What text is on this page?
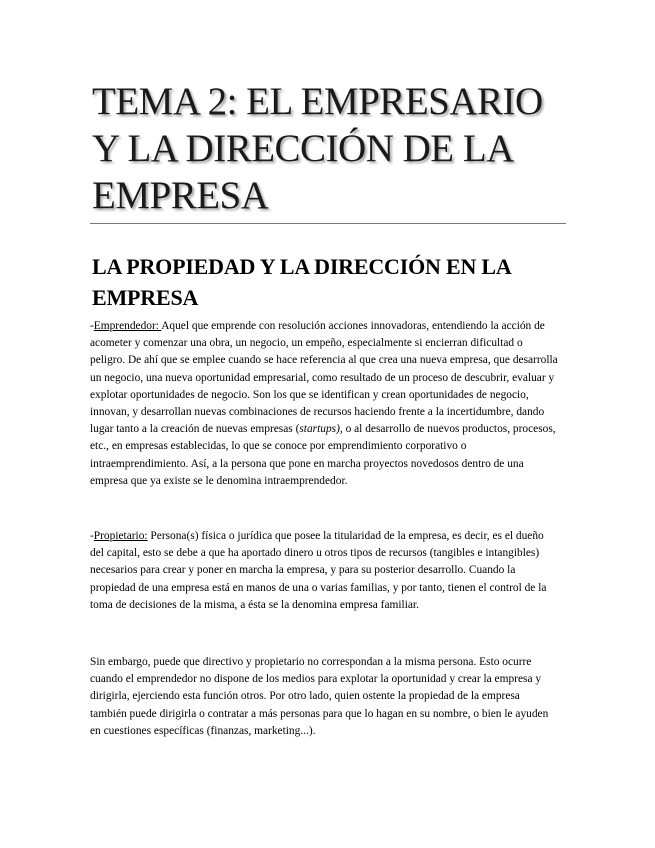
TEMA 2: EL EMPRESARIO Y LA DIRECCIÓN DE LA EMPRESA
LA PROPIEDAD Y LA DIRECCIÓN EN LA EMPRESA

-Emprendedor: Aquel que emprende con resolución acciones innovadoras, entendiendo la acción de acometer y comenzar una obra, un negocio, un empeño, especialmente si encierran dificultad o peligro. De ahí que se emplee cuando se hace referencia al que crea una nueva empresa, que desarrolla un negocio, una nueva oportunidad empresarial, como resultado de un proceso de descubrir, evaluar y explotar oportunidades de negocio. Son los que se identifican y crean oportunidades de negocio, innovan, y desarrollan nuevas combinaciones de recursos haciendo frente a la incertidumbre, dando lugar tanto a la creación de nuevas empresas (startups), o al desarrollo de nuevos productos, procesos, etc., en empresas establecidas, lo que se conoce por emprendimiento corporativo o intraemprendimiento. Así, a la persona que pone en marcha proyectos novedosos dentro de una empresa que ya existe se le denomina intraemprendedor.

-Propietario: Persona(s) física o jurídica que posee la titularidad de la empresa, es decir, es el dueño del capital, esto se debe a que ha aportado dinero u otros tipos de recursos (tangibles e intangibles) necesarios para crear y poner en marcha la empresa, y para su posterior desarrollo. Cuando la propiedad de una empresa está en manos de una o varias familias, y por tanto, tienen el control de la toma de decisiones de la misma, a ésta se la denomina empresa familiar.

Sin embargo, puede que directivo y propietario no correspondan a la misma persona. Esto ocurre cuando el emprendedor no dispone de los medios para explotar la oportunidad y crear la empresa y dirigirla, ejerciendo esta función otros. Por otro lado, quien ostente la propiedad de la empresa también puede dirigirla o contratar a más personas para que lo hagan en su nombre, o bien le ayuden en cuestiones específicas (finanzas, marketing...).
